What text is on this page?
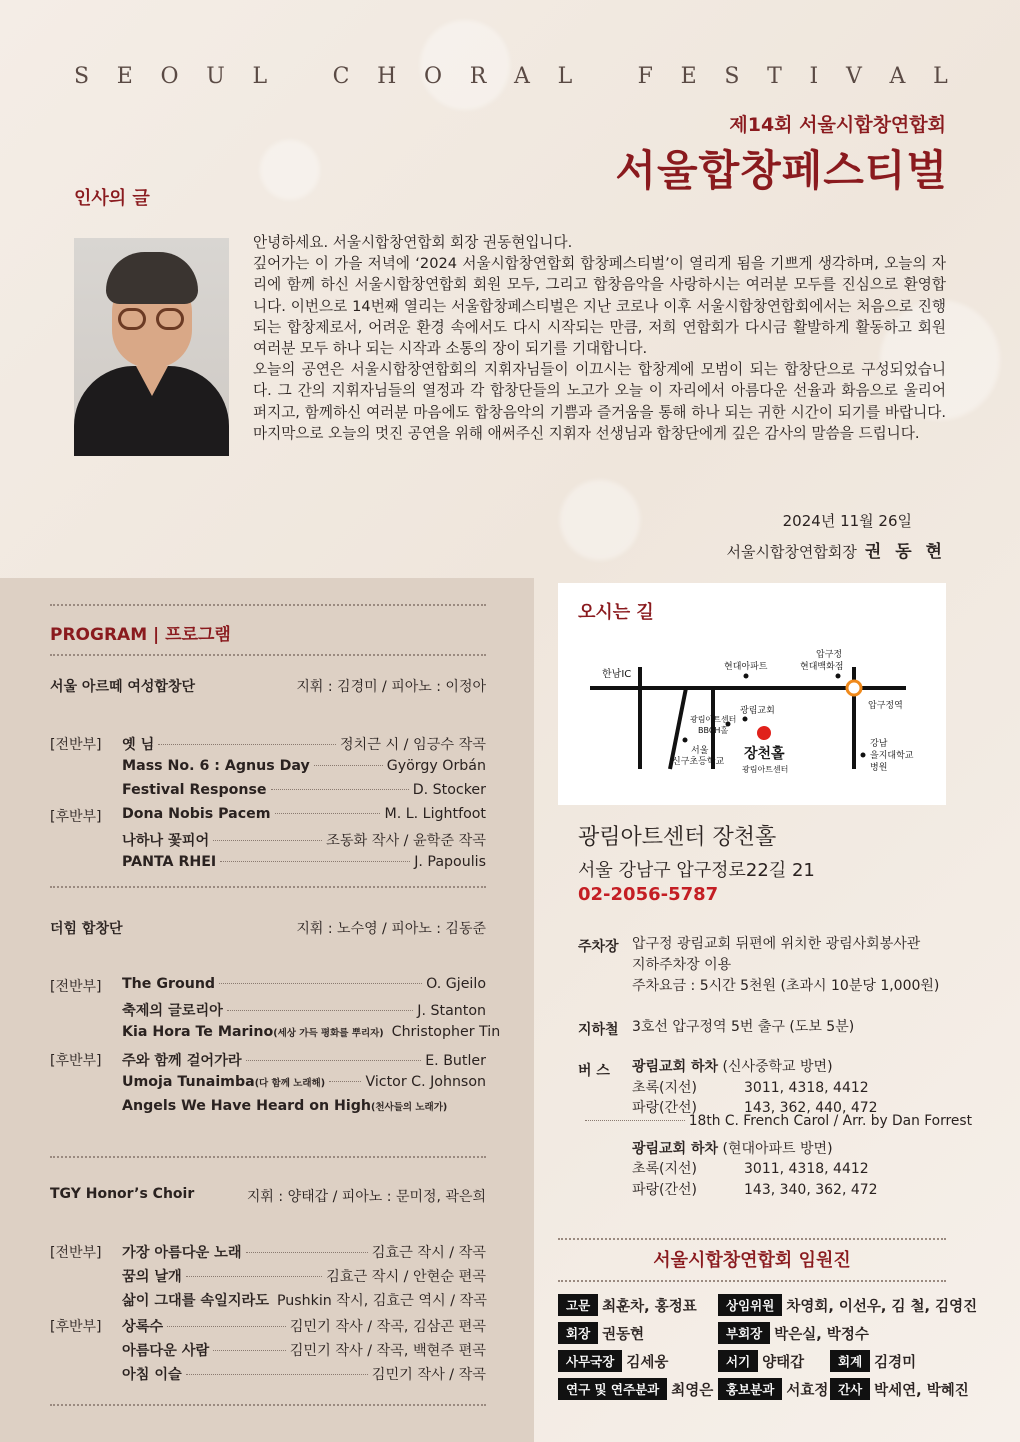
S E O U L	C H O R A L	F E S T I V A L
제14회 서울시합창연합회
서울합창페스티벌
인사의 글

안녕하세요. 서울시합창연합회 회장 권동현입니다.

깊어가는 이 가을 저녁에 ‘2024 서울시합창연합회 합창페스티벌’이 열리게 됨을 기쁘게 생각하며, 오늘의 자리에 함께 하신 서울시합창연합회 회원 모두, 그리고 합창음악을 사랑하시는 여러분 모두를 진심으로 환영합니다. 이번으로 14번째 열리는 서울합창페스티벌은 지난 코로나 이후 서울시합창연합회에서는 처음으로 진행되는 합창제로서, 어려운 환경 속에서도 다시 시작되는 만큼, 저희 연합회가 다시금 활발하게 활동하고 회원 여러분 모두 하나 되는 시작과 소통의 장이 되기를 기대합니다.

오늘의 공연은 서울시합창연합회의 지휘자님들이 이끄시는 합창계에 모범이 되는 합창단으로 구성되었습니다. 그 간의 지휘자님들의 열정과 각 합창단들의 노고가 오늘 이 자리에서 아름다운 선율과 화음으로 울리어 퍼지고, 함께하신 여러분 마음에도 합창음악의 기쁨과 즐거움을 통해 하나 되는 귀한 시간이 되기를 바랍니다. 마지막으로 오늘의 멋진 공연을 위해 애써주신 지휘자 선생님과 합창단에게 깊은 감사의 말씀을 드립니다.

2024년 11월 26일
서울시합창연합회장 권 동 현
PROGRAM | 프로그램
서울 아르떼 여성합창단	지휘 : 김경미 / 피아노 : 이정아
[전반부] 옛 님	정치근 시 / 임긍수 작곡
Mass No. 6 : Agnus Day	György Orbán
Festival Response	D. Stocker
[후반부] Dona Nobis Pacem	M. L. Lightfoot
나하나 꽃피어	조동화 작사 / 윤학준 작곡
PANTA RHEI	J. Papoulis
더힘 합창단	지휘 : 노수영 / 피아노 : 김동준
[전반부] The Ground	O. Gjeilo
축제의 글로리아	J. Stanton
Kia Hora Te Marino(세상 가득 평화를 뿌리자) Christopher Tin
[후반부] 주와 함께 걸어가라	E. Butler
Umoja Tunaimba(다 함께 노래해)	Victor C. Johnson
Angels We Have Heard on High(천사들의 노래가)
18th C. French Carol / Arr. by Dan Forrest
TGY Honor’s Choir	지휘 : 양태갑 / 피아노 : 문미정, 곽은희
[전반부] 가장 아름다운 노래	김효근 작시 / 작곡
꿈의 날개	김효근 작시 / 안현순 편곡
삶이 그대를 속일지라도 Pushkin 작시, 김효근 역시 / 작곡
[후반부] 상록수	김민기 작사 / 작곡, 김삼곤 편곡
아름다운 사람	김민기 작사 / 작곡, 백현주 편곡
아침 이슬	김민기 작사 / 작곡
한남IC
현대아파트
압구정
현대백화점
압구정역
광림교회
광림아트센터
BBCH홀
서울
신구초등학교 장천홀
광림아트센터
강남
을지대학교
병원
오시는 길
광림아트센터 장천홀
서울 강남구 압구정로22길 21
02-2056-5787
주차장 압구정 광림교회 뒤편에 위치한 광림사회봉사관
지하주차장 이용
주차요금 : 5시간 5천원 (초과시 10분당 1,000원)
지하철 3호선 압구정역 5번 출구 (도보 5분)
버 스 광림교회 하차 (신사중학교 방면)
초록(지선)	3011, 4318, 4412
파랑(간선)	143, 362, 440, 472
광림교회 하차 (현대아파트 방면)
초록(지선)	3011, 4318, 4412
파랑(간선)	143, 340, 362, 472
서울시합창연합회 임원진
고문 최훈차, 홍정표	상임위원 차영회, 이선우, 김 철, 김영진
회장 권동현	부회장 박은실, 박정수
사무국장 김세웅	서기 양태갑	회계 김경미
연구 및 연주분과 최영은	홍보분과 서효정 간사 박세연, 박혜진
